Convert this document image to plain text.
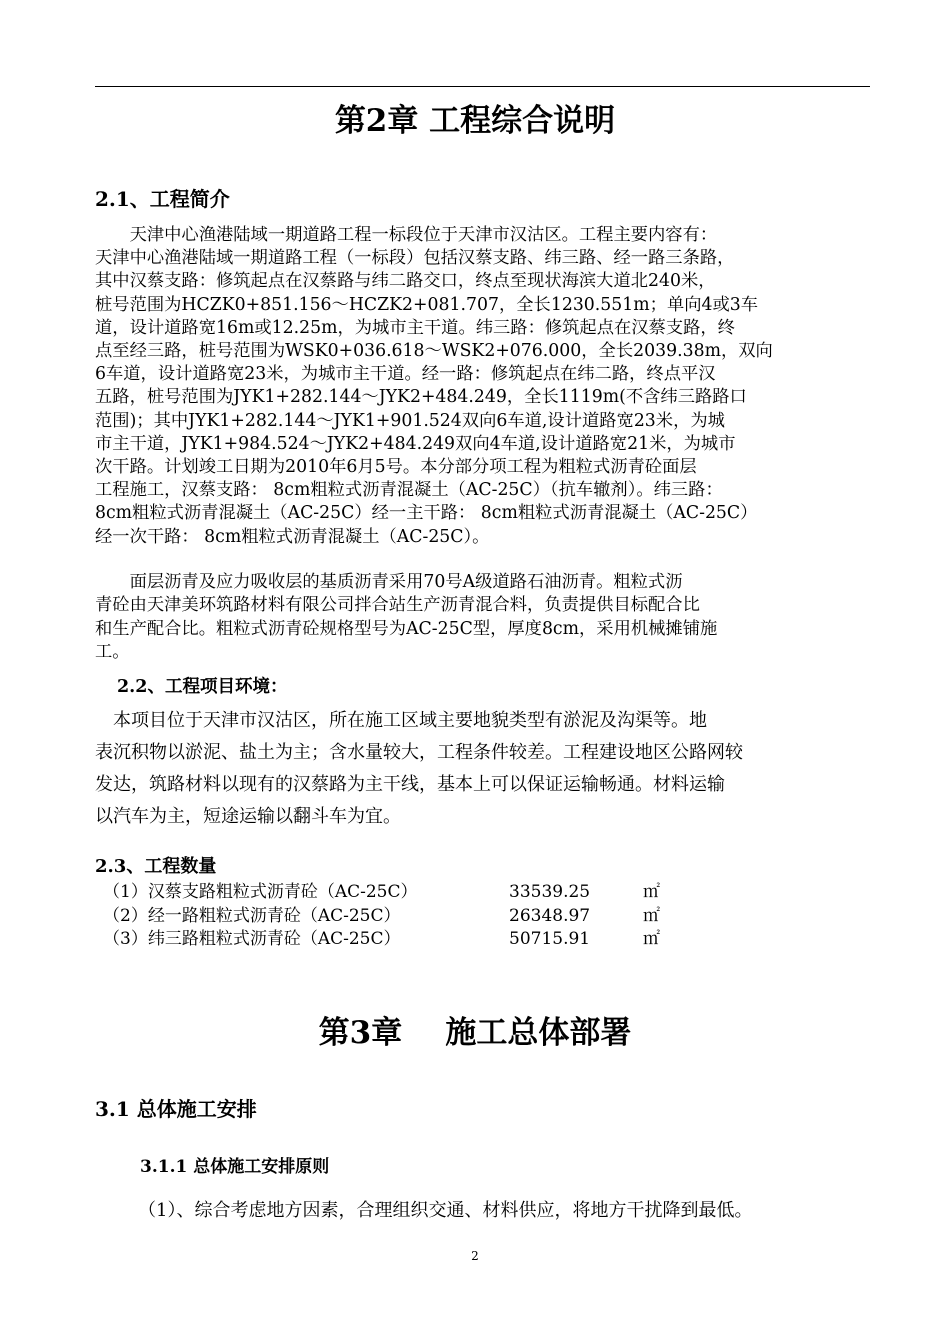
第2章 工程综合说明
2.1、工程简介
　　天津中心渔港陆域一期道路工程一标段位于天津市汉沽区。工程主要内容有：
天津中心渔港陆域一期道路工程（一标段）包括汉蔡支路、纬三路、经一路三条路，
其中汉蔡支路：修筑起点在汉蔡路与纬二路交口，终点至现状海滨大道北240米，
桩号范围为HCZK0+851.156～HCZK2+081.707，全长1230.551m；单向4或3车
道，设计道路宽16m或12.25m，为城市主干道。纬三路：修筑起点在汉蔡支路，终
点至经三路，桩号范围为WSK0+036.618～WSK2+076.000，全长2039.38m，双向
6车道，设计道路宽23米，为城市主干道。经一路：修筑起点在纬二路，终点平汉
五路，桩号范围为JYK1+282.144～JYK2+484.249，全长1119m(不含纬三路路口
范围)；其中JYK1+282.144～JYK1+901.524双向6车道,设计道路宽23米，为城
市主干道，JYK1+984.524～JYK2+484.249双向4车道,设计道路宽21米，为城市
次干路。计划竣工日期为2010年6月5号。本分部分项工程为粗粒式沥青砼面层
工程施工，汉蔡支路： 8cm粗粒式沥青混凝土（AC-25C）（抗车辙剂）。纬三路：
8cm粗粒式沥青混凝土（AC-25C）经一主干路： 8cm粗粒式沥青混凝土（AC-25C）
经一次干路： 8cm粗粒式沥青混凝土（AC-25C）。
　　面层沥青及应力吸收层的基质沥青采用70号A级道路石油沥青。粗粒式沥
青砼由天津美环筑路材料有限公司拌合站生产沥青混合料，负责提供目标配合比
和生产配合比。粗粒式沥青砼规格型号为AC-25C型，厚度8cm，采用机械摊铺施
工。
2.2、工程项目环境：
　本项目位于天津市汉沽区，所在施工区域主要地貌类型有淤泥及沟渠等。地
表沉积物以淤泥、盐土为主；含水量较大，工程条件较差。工程建设地区公路网较
发达，筑路材料以现有的汉蔡路为主干线，基本上可以保证运输畅通。材料运输
以汽车为主，短途运输以翻斗车为宜。
2.3、工程数量
（1）汉蔡支路粗粒式沥青砼（AC-25C）	33539.25	㎡
（2）经一路粗粒式沥青砼（AC-25C）	26348.97	㎡
（3）纬三路粗粒式沥青砼（AC-25C）	50715.91	㎡
第3章    施工总体部署
3.1 总体施工安排
3.1.1 总体施工安排原则

（1）、综合考虑地方因素，合理组织交通、材料供应，将地方干扰降到最低。

2
